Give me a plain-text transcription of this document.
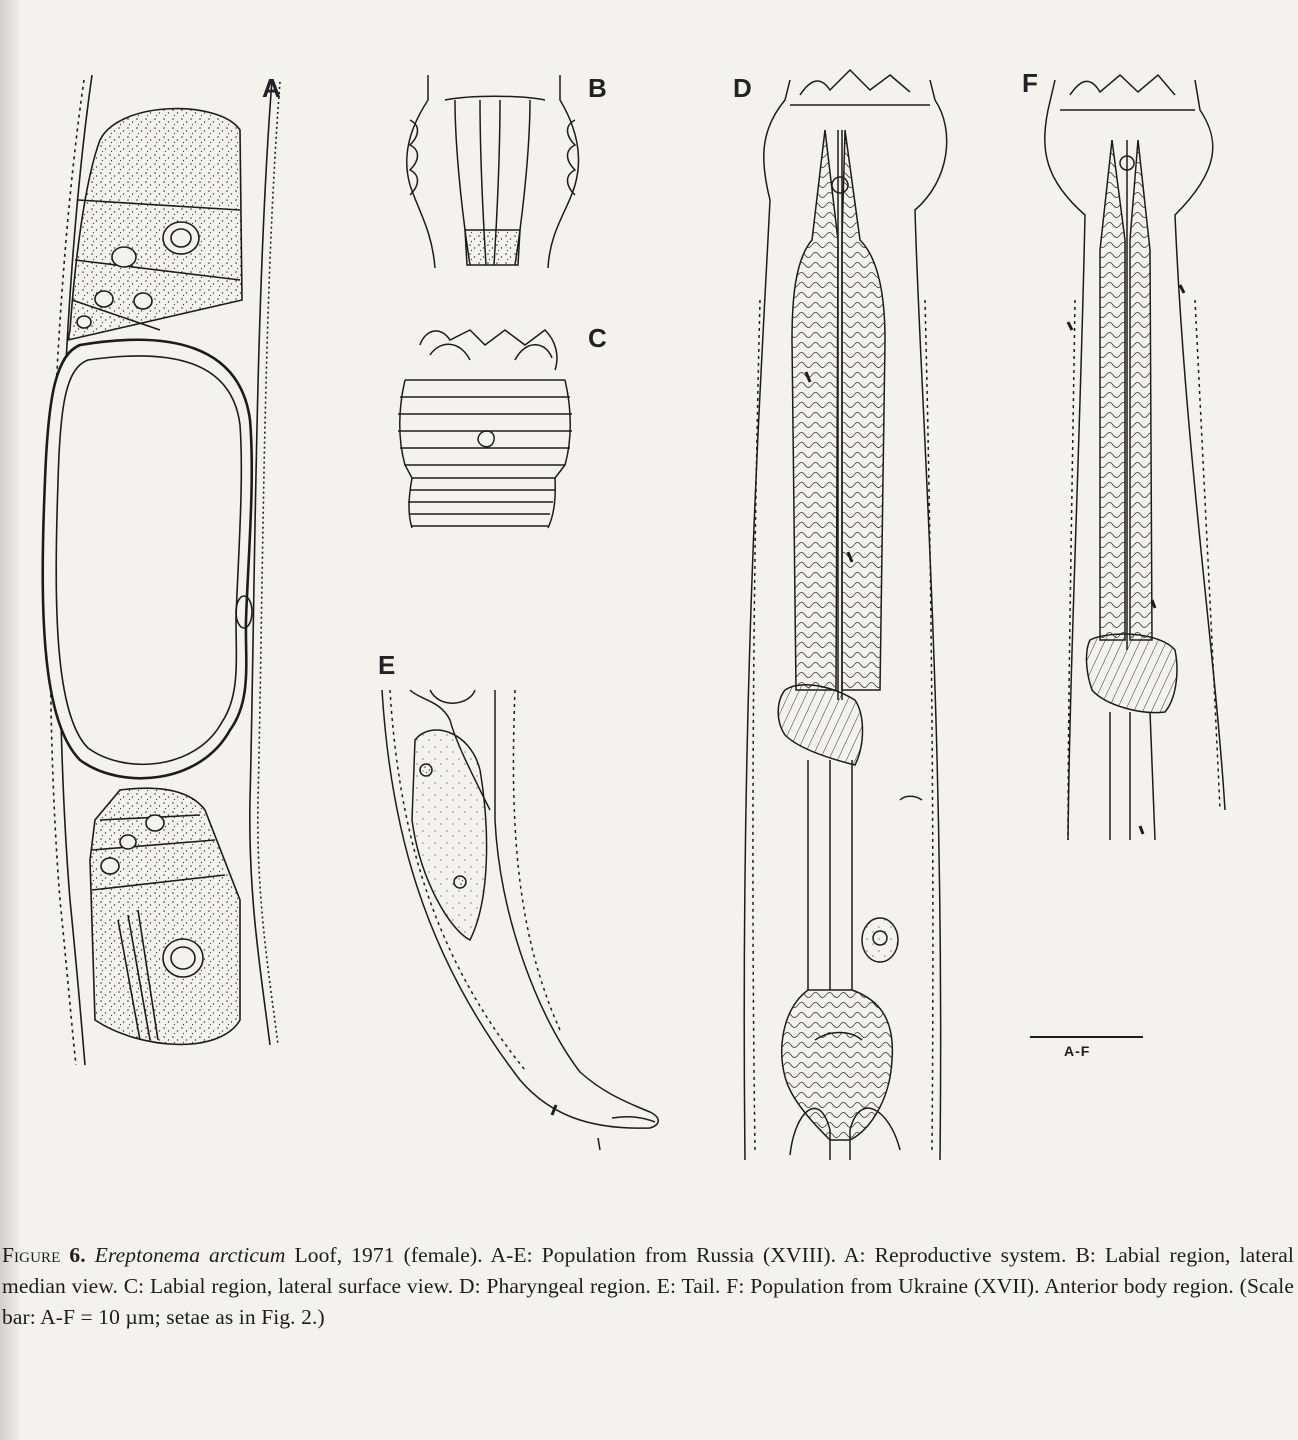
A	B
C
D
E
F
A-F
Figure 6. Ereptonema arcticum Loof, 1971 (female). A-E: Population from Russia (XVIII). A: Reproductive system. B: Labial region, lateral median view. C: Labial region, lateral surface view. D: Pharyngeal region. E: Tail. F: Population from Ukraine (XVII). Anterior body region. (Scale bar: A-F = 10 µm; setae as in Fig. 2.)
